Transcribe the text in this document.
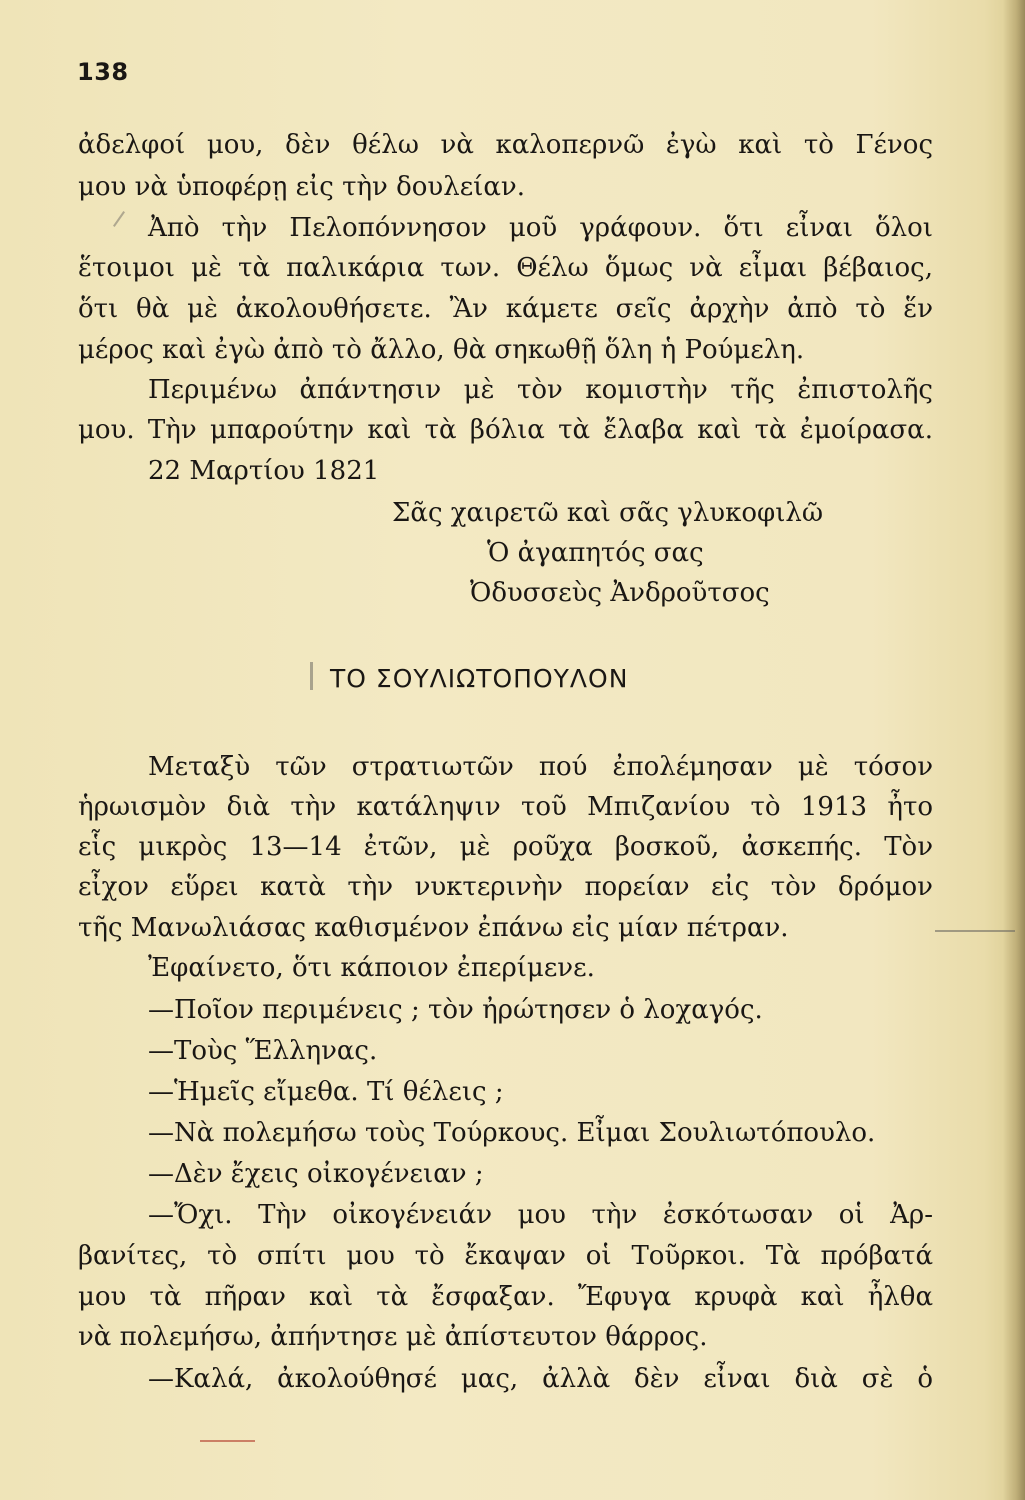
138
ἀδελφοί μου, δὲν θέλω νὰ καλοπερνῶ ἐγὼ καὶ τὸ Γένος
μου νὰ ὑποφέρῃ εἰς τὴν δουλείαν.
Ἀπὸ τὴν Πελοπόννησον μοῦ γράφουν. ὅτι εἶναι ὅλοι
ἕτοιμοι μὲ τὰ παλικάρια των. Θέλω ὅμως νὰ εἶμαι βέβαιος,
ὅτι θὰ μὲ ἀκολουθήσετε. Ἂν κάμετε σεῖς ἀρχὴν ἀπὸ τὸ ἕν
μέρος καὶ ἐγὼ ἀπὸ τὸ ἄλλο, θὰ σηκωθῇ ὅλη ἡ Ρούμελη.
Περιμένω ἀπάντησιν μὲ τὸν κομιστὴν τῆς ἐπιστολῆς
μου. Τὴν μπαρούτην καὶ τὰ βόλια τὰ ἔλαβα καὶ τὰ ἐμοίρασα.
22 Μαρτίου 1821
Σᾶς χαιρετῶ καὶ σᾶς γλυκοφιλῶ
Ὁ ἀγαπητός σας
Ὀδυσσεὺς Ἀνδροῦτσος
ΤΟ ΣΟΥΛΙΩΤΟΠΟΥΛΟΝ
Μεταξὺ τῶν στρατιωτῶν πού ἐπολέμησαν μὲ τόσον
ἡρωισμὸν διὰ τὴν κατάληψιν τοῦ Μπιζανίου τὸ 1913 ἦτο
εἷς μικρὸς 13—14 ἐτῶν, μὲ ροῦχα βοσκοῦ, ἀσκεπής. Τὸν
εἶχον εὕρει κατὰ τὴν νυκτερινὴν πορείαν εἰς τὸν δρόμον
τῆς Μανωλιάσας καθισμένον ἐπάνω εἰς μίαν πέτραν.
Ἐφαίνετο, ὅτι κάποιον ἐπερίμενε.
—Ποῖον περιμένεις ; τὸν ἠρώτησεν ὁ λοχαγός.
—Τοὺς Ἕλληνας.
—Ἡμεῖς εἴμεθα. Τί θέλεις ;
—Νὰ πολεμήσω τοὺς Τούρκους. Εἶμαι Σουλιωτόπουλο.
—Δὲν ἔχεις οἰκογένειαν ;
—Ὄχι. Τὴν οἰκογένειάν μου τὴν ἐσκότωσαν οἱ Ἀρ-
βανίτες, τὸ σπίτι μου τὸ ἔκαψαν οἱ Τοῦρκοι. Τὰ πρόβατά
μου τὰ πῆραν καὶ τὰ ἔσφαξαν. Ἔφυγα κρυφὰ καὶ ἦλθα
νὰ πολεμήσω, ἀπήντησε μὲ ἀπίστευτον θάρρος.
—Καλά, ἀκολούθησέ μας, ἀλλὰ δὲν εἶναι διὰ σὲ ὁ
